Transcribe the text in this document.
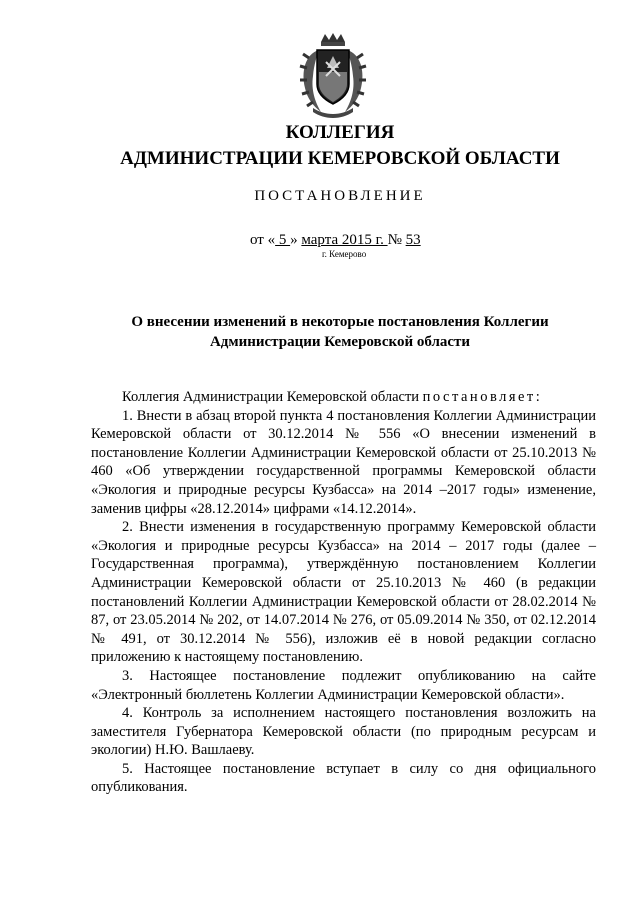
КОЛЛЕГИЯ
АДМИНИСТРАЦИИ КЕМЕРОВСКОЙ ОБЛАСТИ
ПОСТАНОВЛЕНИЕ
от « 5 » марта 2015 г. № 53
г. Кемерово
О внесении изменений в некоторые постановления Коллегии
Администрации Кемеровской области

Коллегия Администрации Кемеровской области постановляет:

1. Внести в абзац второй пункта 4 постановления Коллегии Администрации Кемеровской области от 30.12.2014 № 556 «О внесении изменений в постановление Коллегии Администрации Кемеровской области от 25.10.2013 № 460 «Об утверждении государственной программы Кемеровской области «Экология и природные ресурсы Кузбасса» на 2014 –2017 годы» изменение, заменив цифры «28.12.2014» цифрами «14.12.2014».

2. Внести изменения в государственную программу Кемеровской области «Экология и природные ресурсы Кузбасса» на 2014 – 2017 годы (далее – Государственная программа), утверждённую постановлением Коллегии Администрации Кемеровской области от 25.10.2013 № 460 (в редакции постановлений Коллегии Администрации Кемеровской области от 28.02.2014 № 87, от 23.05.2014 № 202, от 14.07.2014 № 276, от 05.09.2014 № 350, от 02.12.2014 № 491, от 30.12.2014 № 556), изложив её в новой редакции согласно приложению к настоящему постановлению.

3. Настоящее постановление подлежит опубликованию на сайте «Электронный бюллетень Коллегии Администрации Кемеровской области».

4. Контроль за исполнением настоящего постановления возложить на заместителя Губернатора Кемеровской области (по природным ресурсам и экологии) Н.Ю. Вашлаеву.

5. Настоящее постановление вступает в силу со дня официального опубликования.
